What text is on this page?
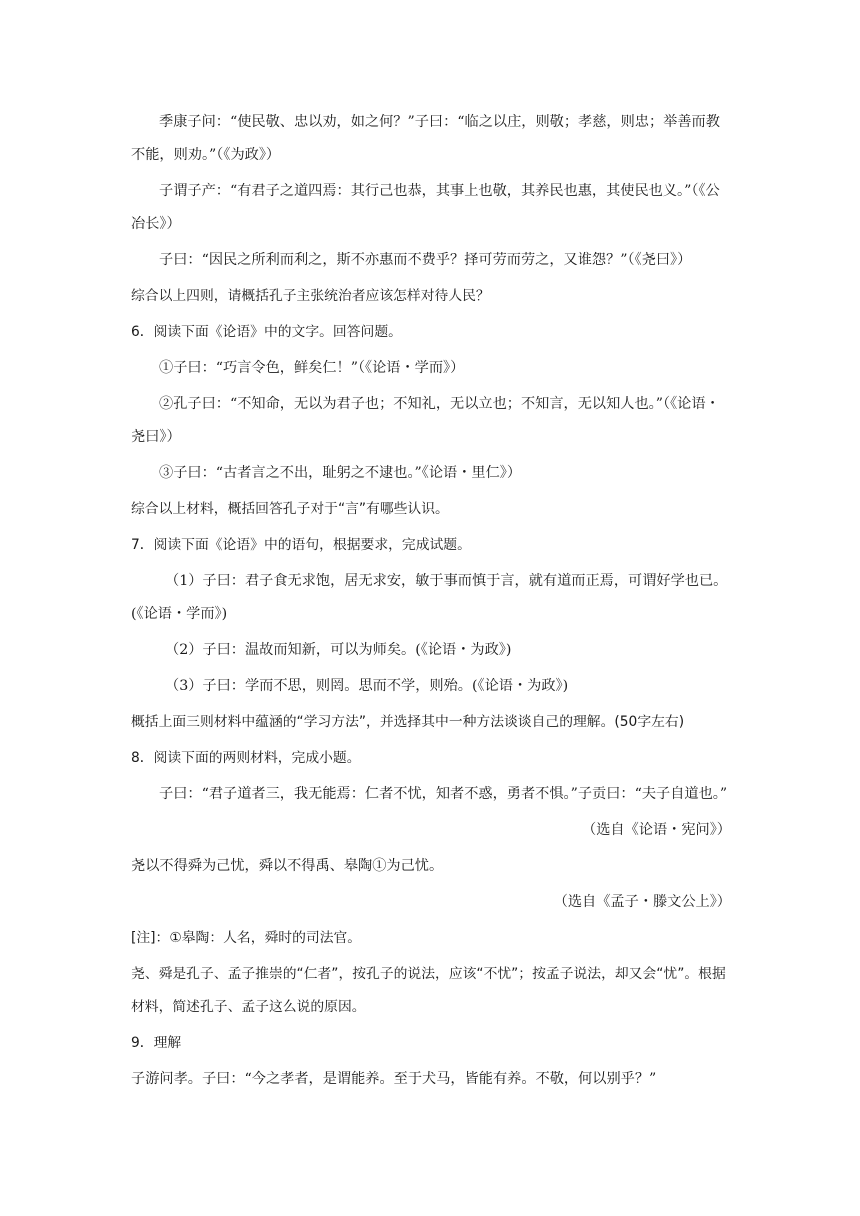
季康子问：“使民敬、忠以劝，如之何？”子曰：“临之以庄，则敬；孝慈，则忠；举善而教不能，则劝。”（《为政》）
子谓子产：“有君子之道四焉：其行己也恭，其事上也敬，其养民也惠，其使民也义。”（《公冶长》）
子曰：“因民之所利而利之，斯不亦惠而不费乎？择可劳而劳之，又谁怨？”（《尧曰》）
综合以上四则，请概括孔子主张统治者应该怎样对待人民？
6．阅读下面《论语》中的文字。回答问题。
①子曰：“巧言令色，鲜矣仁！”（《论语・学而》）
②孔子曰：“不知命，无以为君子也；不知礼，无以立也；不知言，无以知人也。”（《论语・尧曰》）
③子曰：“古者言之不出，耻躬之不逮也。”《论语・里仁》）
综合以上材料，概括回答孔子对于“言”有哪些认识。
7．阅读下面《论语》中的语句，根据要求，完成试题。
（1）子曰：君子食无求饱，居无求安，敏于事而慎于言，就有道而正焉，可谓好学也已。(《论语・学而》)
（2）子曰：温故而知新，可以为师矣。(《论语・为政》)
（3）子曰：学而不思，则罔。思而不学，则殆。(《论语・为政》)
概括上面三则材料中蕴涵的“学习方法”，并选择其中一种方法谈谈自己的理解。(50字左右)
8．阅读下面的两则材料，完成小题。
子曰：“君子道者三，我无能焉：仁者不忧，知者不惑，勇者不惧。”子贡曰：“夫子自道也。”
（选自《论语・宪问》）
尧以不得舜为己忧，舜以不得禹、皋陶①为己忧。
（选自《孟子・滕文公上》）
[注]：①皋陶：人名，舜时的司法官。
尧、舜是孔子、孟子推崇的“仁者”，按孔子的说法，应该“不忧”；按孟子说法，却又会“忧”。根据材料，简述孔子、孟子这么说的原因。
9．理解
子游问孝。子曰：“今之孝者，是谓能养。至于犬马，皆能有养。不敬，何以别乎？”
